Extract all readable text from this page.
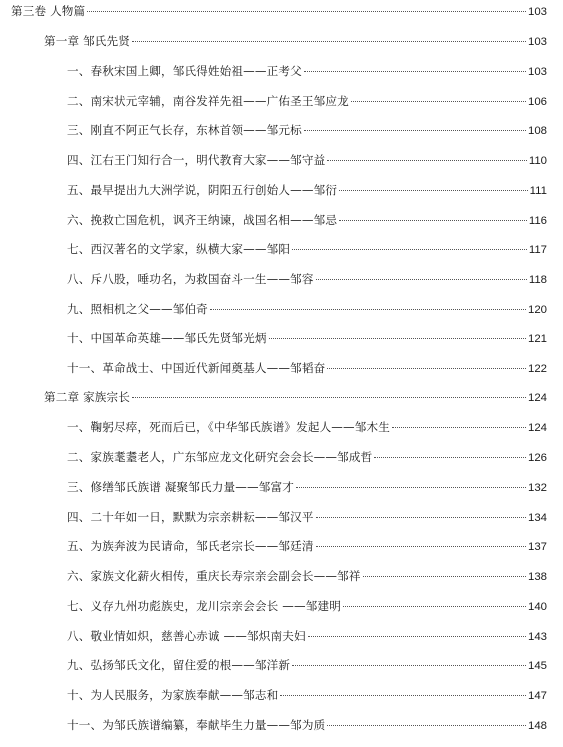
第三卷 人物篇	103
第一章 邹氏先贤	103
一、春秋宋国上卿，邹氏得姓始祖——正考父	103
二、南宋状元宰辅，南谷发祥先祖——广佑圣王邹应龙	106
三、刚直不阿正气长存，东林首领——邹元标	108
四、江右王门知行合一，明代教育大家——邹守益	110
五、最早提出九大洲学说，阴阳五行创始人——邹衍	111
六、挽救亡国危机，讽齐王纳谏，战国名相——邹忌	116
七、西汉著名的文学家，纵横大家——邹阳	117
八、斥八股，唾功名，为救国奋斗一生——邹容	118
九、照相机之父——邹伯奇	120
十、中国革命英雄——邹氏先贤邹光炳	121
十一、革命战士、中国近代新闻奠基人——邹韬奋	122
第二章 家族宗长	124
一、鞠躬尽瘁，死而后已，《中华邹氏族谱》发起人——邹木生	124
二、家族耄耋老人，广东邹应龙文化研究会会长——邹成哲	126
三、修缮邹氏族谱 凝聚邹氏力量——邹富才	132
四、二十年如一日，默默为宗亲耕耘——邹汉平	134
五、为族奔波为民请命，邹氏老宗长——邹廷清	137
六、家族文化薪火相传，重庆长寿宗亲会副会长——邹祥	138
七、义存九州功彪族史，龙川宗亲会会长 ——邹建明	140
八、敬业情如炽，慈善心赤诚 ——邹炽南夫妇	143
九、弘扬邹氏文化，留住爱的根——邹洋新	145
十、为人民服务，为家族奉献——邹志和	147
十一、为邹氏族谱编纂，奉献毕生力量——邹为质	148
